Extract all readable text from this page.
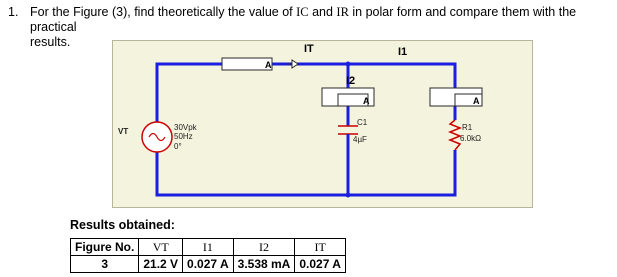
1. For the Figure (3), find theoretically the value of IC and IR in polar form and compare them with the practical
results.
A
IT	I1
I2
A
C1
4µF
A
R1
6.0kΩ
VT	30Vpk
50Hz
0°
Results obtained:
Figure No.	VT	I1	I2	IT
3	21.2 V	0.027 A	3.538 mA	0.027 A
